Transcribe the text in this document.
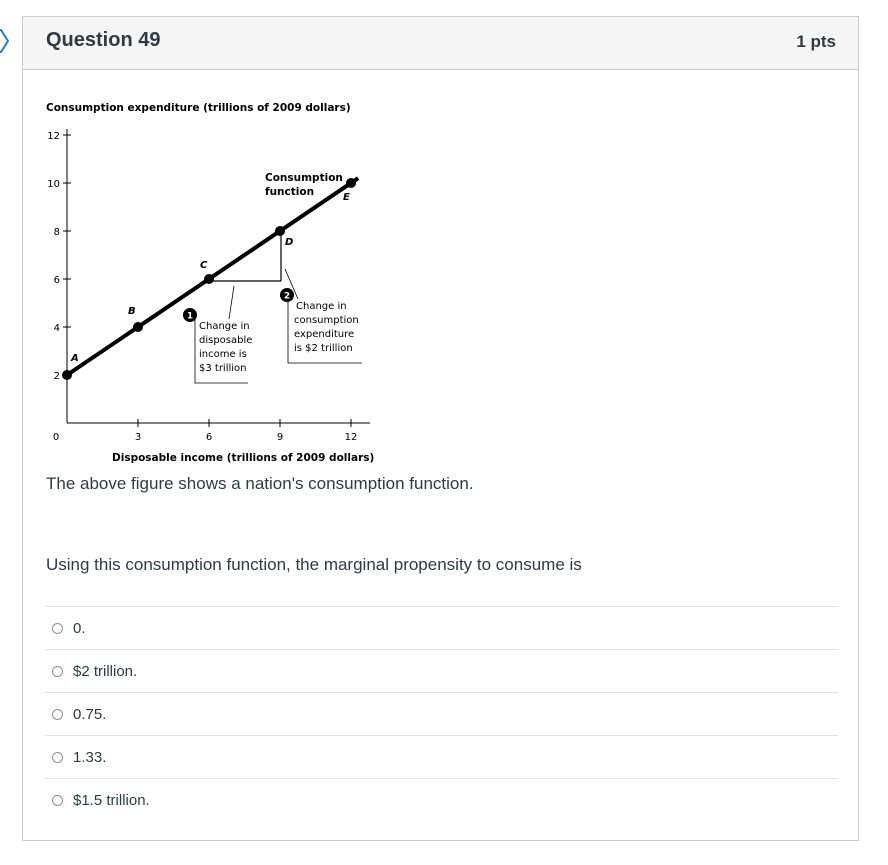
Question 49	1 pts
Consumption expenditure (trillions of 2009 dollars)
2
4
6
8
10
12
0	3	6	9	12
A
B
C
D
E
Consumption
function
1
Change in
disposable
income is
$3 trillion
2
Change in
consumption
expenditure
is $2 trillion
Disposable income (trillions of 2009 dollars)
The above figure shows a nation's consumption function.
Using this consumption function, the marginal propensity to consume is
0.
$2 trillion.
0.75.
1.33.
$1.5 trillion.
